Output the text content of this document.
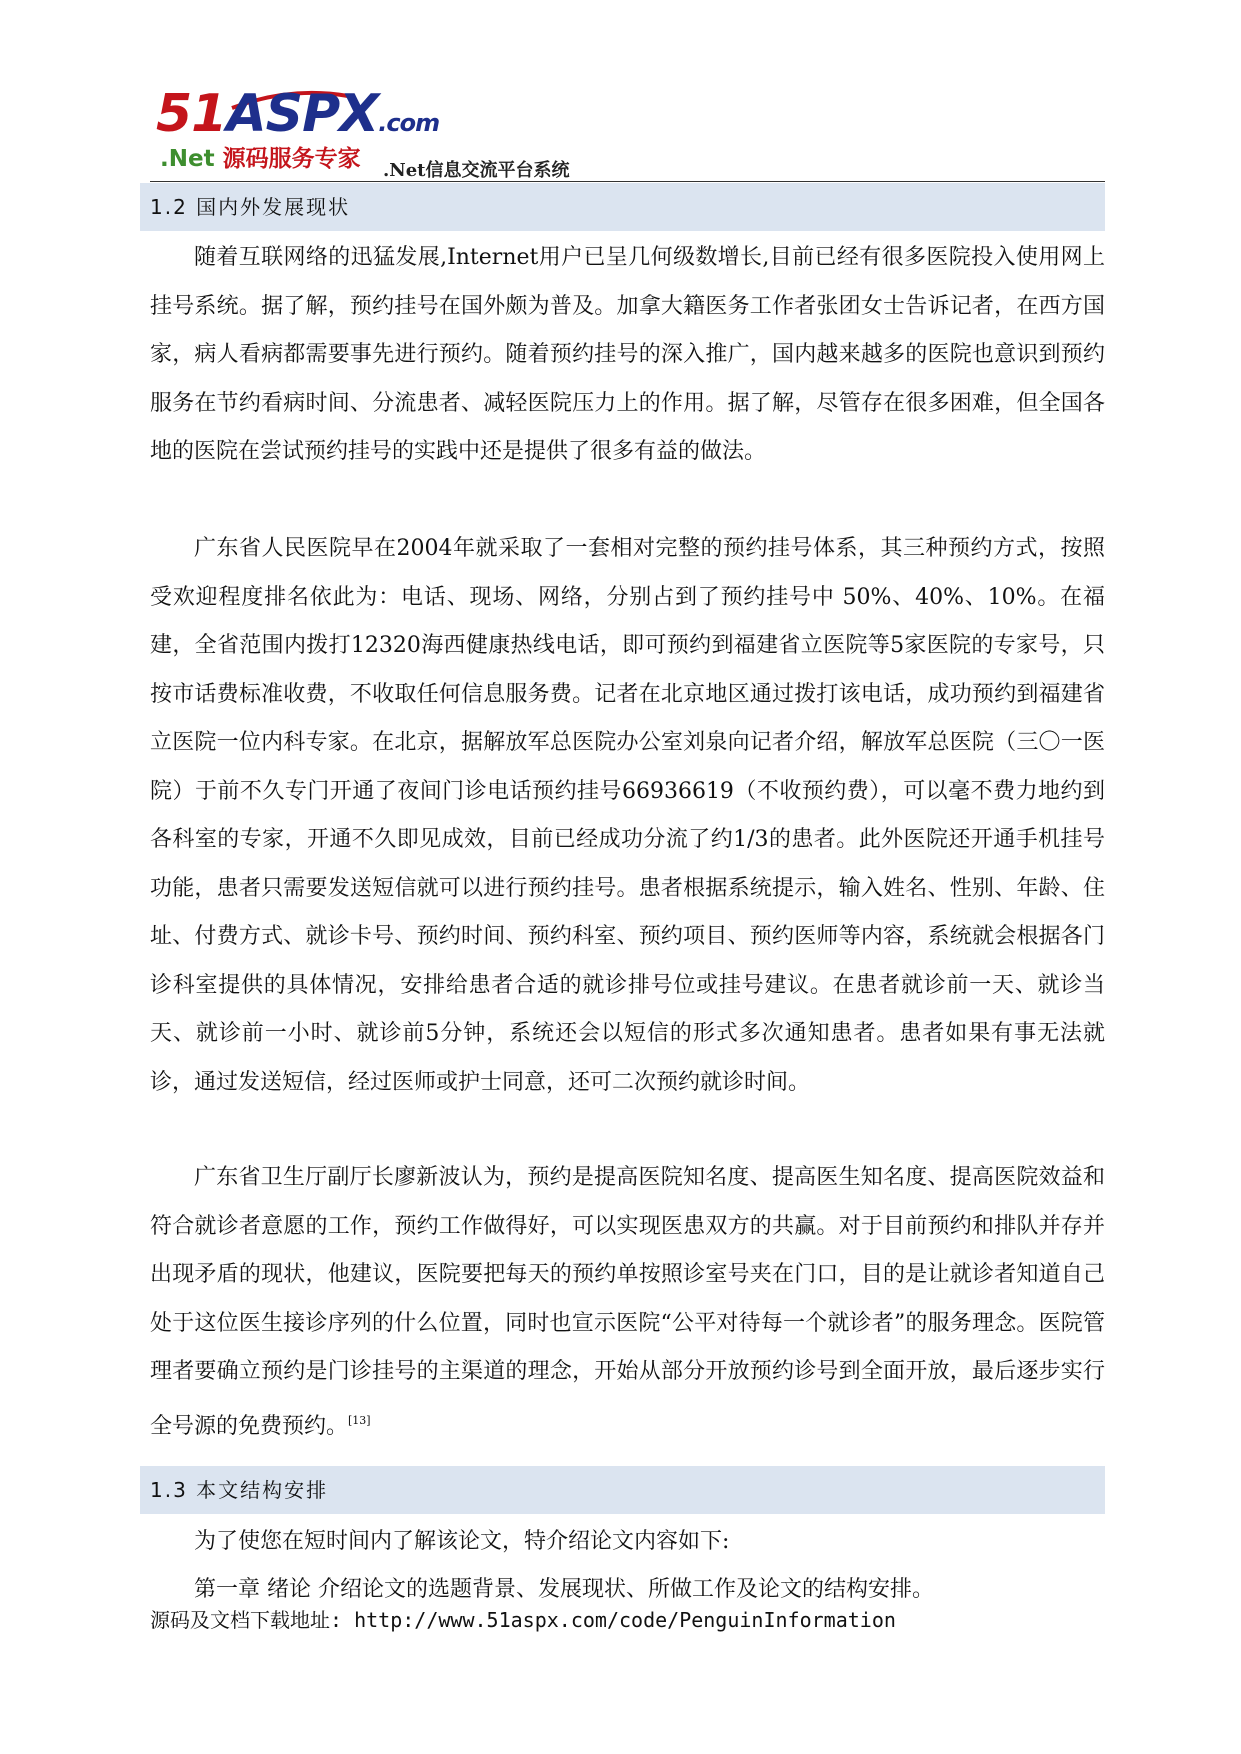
51ASPX.com
.Net 源码服务专家 .Net信息交流平台系统
1.2 国内外发展现状

随着互联网络的迅猛发展,Internet用户已呈几何级数增长,目前已经有很多医院投入使用网上挂号系统。据了解，预约挂号在国外颇为普及。加拿大籍医务工作者张团女士告诉记者，在西方国家，病人看病都需要事先进行预约。随着预约挂号的深入推广，国内越来越多的医院也意识到预约服务在节约看病时间、分流患者、减轻医院压力上的作用。据了解，尽管存在很多困难，但全国各地的医院在尝试预约挂号的实践中还是提供了很多有益的做法。

广东省人民医院早在2004年就采取了一套相对完整的预约挂号体系，其三种预约方式，按照受欢迎程度排名依此为：电话、现场、网络，分别占到了预约挂号中 50%、40%、10%。在福建，全省范围内拨打12320海西健康热线电话，即可预约到福建省立医院等5家医院的专家号，只按市话费标准收费，不收取任何信息服务费。记者在北京地区通过拨打该电话，成功预约到福建省立医院一位内科专家。在北京，据解放军总医院办公室刘泉向记者介绍，解放军总医院（三〇一医院）于前不久专门开通了夜间门诊电话预约挂号66936619（不收预约费），可以毫不费力地约到各科室的专家，开通不久即见成效，目前已经成功分流了约1/3的患者。此外医院还开通手机挂号功能，患者只需要发送短信就可以进行预约挂号。患者根据系统提示，输入姓名、性别、年龄、住址、付费方式、就诊卡号、预约时间、预约科室、预约项目、预约医师等内容，系统就会根据各门诊科室提供的具体情况，安排给患者合适的就诊排号位或挂号建议。在患者就诊前一天、就诊当天、就诊前一小时、就诊前5分钟，系统还会以短信的形式多次通知患者。患者如果有事无法就诊，通过发送短信，经过医师或护士同意，还可二次预约就诊时间。

广东省卫生厅副厅长廖新波认为，预约是提高医院知名度、提高医生知名度、提高医院效益和符合就诊者意愿的工作，预约工作做得好，可以实现医患双方的共赢。对于目前预约和排队并存并出现矛盾的现状，他建议，医院要把每天的预约单按照诊室号夹在门口，目的是让就诊者知道自己处于这位医生接诊序列的什么位置，同时也宣示医院“公平对待每一个就诊者”的服务理念。医院管理者要确立预约是门诊挂号的主渠道的理念，开始从部分开放预约诊号到全面开放，最后逐步实行全号源的免费预约。[13]

1.3 本文结构安排

为了使您在短时间内了解该论文，特介绍论文内容如下:

第一章 绪论 介绍论文的选题背景、发展现状、所做工作及论文的结构安排。

源码及文档下载地址: http://www.51aspx.com/code/PenguinInformation
